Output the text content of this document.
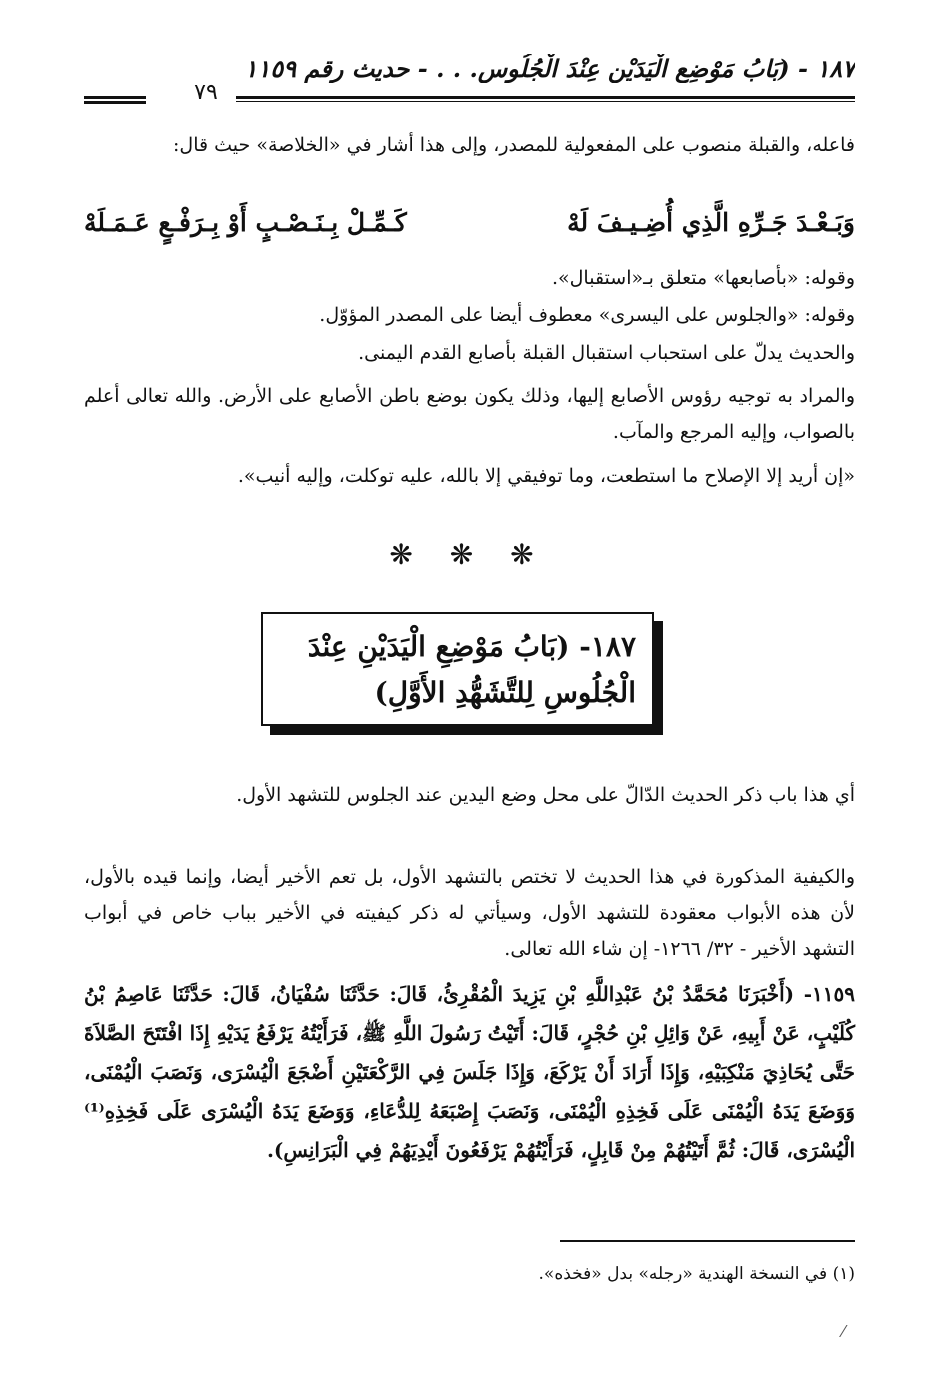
١٨٧ - (بَابُ مَوْضِعِ الْيَدَيْنِ عِنْدَ الْجُلُوسِ. . . - حديث رقم ١١٥٩
٧٩
فاعله، والقبلة منصوب على المفعولية للمصدر، وإلى هذا أشار في «الخلاصة» حيث قال:
وَبَـعْـدَ جَـرِّهِ الَّذِي أُضِـيـفَ لَهْ
كَـمِّـلْ بِـنَـصْـبٍ أَوْ بِـرَفْـعٍ عَـمَـلَهْ
وقوله: «بأصابعها» متعلق بـ«استقبال».
وقوله: «والجلوس على اليسرى» معطوف أيضا على المصدر المؤوّل.
والحديث يدلّ على استحباب استقبال القبلة بأصابع القدم اليمنى.
والمراد به توجيه رؤوس الأصابع إليها، وذلك يكون بوضع باطن الأصابع على الأرض. والله تعالى أعلم بالصواب، وإليه المرجع والمآب.
«إن أريد إلا الإصلاح ما استطعت، وما توفيقي إلا بالله، عليه توكلت، وإليه أنيب».
❋ ❋ ❋
١٨٧- (بَابُ مَوْضِعِ الْيَدَيْنِ عِنْدَ
الْجُلُوسِ لِلتَّشَهُّدِ الأَوَّلِ)
أي هذا باب ذكر الحديث الدّالّ على محل وضع اليدين عند الجلوس للتشهد الأول.
والكيفية المذكورة في هذا الحديث لا تختص بالتشهد الأول، بل تعم الأخير أيضا، وإنما قيده بالأول، لأن هذه الأبواب معقودة للتشهد الأول، وسيأتي له ذكر كيفيته في الأخير بباب خاص في أبواب التشهد الأخير - ٣٢/ ١٢٦٦- إن شاء الله تعالى.
١١٥٩- (أَخْبَرَنَا مُحَمَّدُ بْنُ عَبْدِاللَّهِ بْنِ يَزِيدَ الْمُقْرِئُ، قَالَ: حَدَّثَنَا سُفْيَانُ، قَالَ: حَدَّثَنَا عَاصِمُ بْنُ كُلَيْبٍ، عَنْ أَبِيهِ، عَنْ وَائِلِ بْنِ حُجْرٍ، قَالَ: أَتَيْتُ رَسُولَ اللَّهِ ﷺ، فَرَأَيْتُهُ يَرْفَعُ يَدَيْهِ إِذَا افْتَتَحَ الصَّلاَةَ حَتَّى يُحَاذِيَ مَنْكِبَيْهِ، وَإِذَا أَرَادَ أَنْ يَرْكَعَ، وَإِذَا جَلَسَ فِي الرَّكْعَتَيْنِ أَضْجَعَ الْيُسْرَى، وَنَصَبَ الْيُمْنَى، وَوَضَعَ يَدَهُ الْيُمْنَى عَلَى فَخِذِهِ الْيُمْنَى، وَنَصَبَ إِصْبَعَهُ لِلدُّعَاءِ، وَوَضَعَ يَدَهُ الْيُسْرَى عَلَى فَخِذِهِ⁽¹⁾ الْيُسْرَى، قَالَ: ثُمَّ أَتَيْتُهُمْ مِنْ قَابِلٍ، فَرَأَيْتُهُمْ يَرْفَعُونَ أَيْدِيَهُمْ فِي الْبَرَانِسِ).
(١) في النسخة الهندية «رجله» بدل «فخذه».
⁄
